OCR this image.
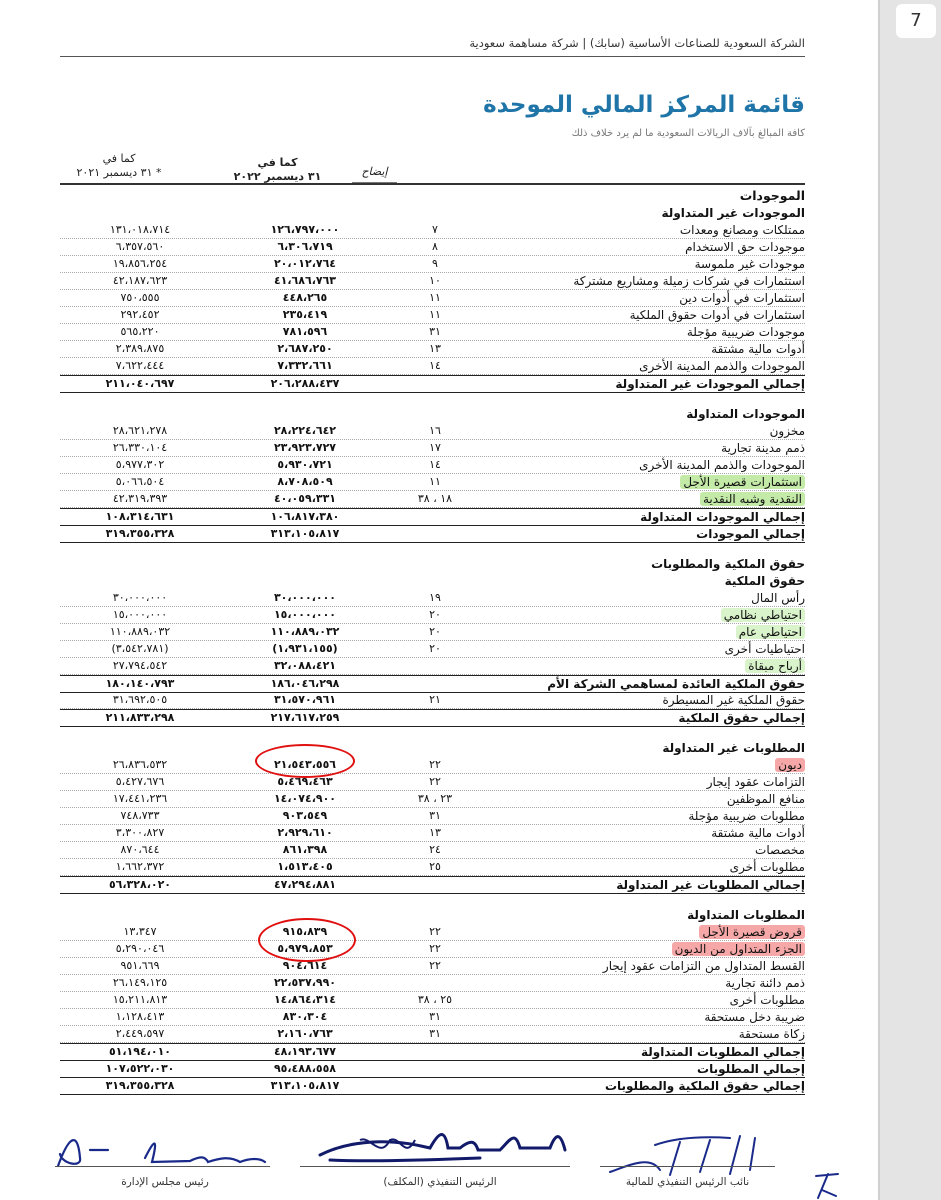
الشركة السعودية للصناعات الأساسية (سابك) | شركة مساهمة سعودية
قائمة المركز المالي الموحدة
كافة المبالغ بآلاف الريالات السعودية ما لم يرد خلاف ذلك
كما في
٣١ ديسمبر ٢٠٢٢
كما في
٣١ ديسمبر ٢٠٢١ *	إيضاح
الموجودات
الموجودات غير المتداولة
ممتلكات ومصانع ومعدات
٧
١٢٦،٧٩٧،٠٠٠
١٣١،٠١٨،٧١٤
موجودات حق الاستخدام
٨
٦،٣٠٦،٧١٩
٦،٣٥٧،٥٦٠
موجودات غير ملموسة
٩
٢٠،٠١٢،٧٦٤
١٩،٨٥٦،٢٥٤
استثمارات في شركات زميلة ومشاريع مشتركة
١٠
٤١،٦٨٦،٧٦٣
٤٢،١٨٧،٦٢٣
استثمارات في أدوات دين
١١
٤٤٨،٢٦٥
٧٥٠،٥٥٥
استثمارات في أدوات حقوق الملكية
١١
٢٣٥،٤١٩
٢٩٢،٤٥٢
موجودات ضريبية مؤجلة
٣١
٧٨١،٥٩٦
٥٦٥،٢٢٠
أدوات مالية مشتقة
١٣
٢،٦٨٧،٢٥٠
٢،٣٨٩،٨٧٥
الموجودات والذمم المدينة الأخرى
١٤
٧،٣٣٢،٦٦١
٧،٦٢٢،٤٤٤
إجمالي الموجودات غير المتداولة
٢٠٦،٢٨٨،٤٣٧
٢١١،٠٤٠،٦٩٧
الموجودات المتداولة
مخزون
١٦
٢٨،٢٢٤،٦٤٢
٢٨،٦٢١،٢٧٨
ذمم مدينة تجارية
١٧
٢٣،٩٢٣،٧٢٧
٢٦،٣٣٠،١٠٤
الموجودات والذمم المدينة الأخرى
١٤
٥،٩٣٠،٧٢١
٥،٩٧٧،٣٠٢
استثمارات قصيرة الأجل
١١
٨،٧٠٨،٥٠٩
٥،٠٦٦،٥٠٤
النقدية وشبه النقدية
١٨ ، ٣٨
٤٠،٠٥٩،٣٣١
٤٢،٣١٩،٣٩٣
إجمالي الموجودات المتداولة
١٠٦،٨١٧،٣٨٠
١٠٨،٣١٤،٦٣١
إجمالي الموجودات
٣١٣،١٠٥،٨١٧
٣١٩،٣٥٥،٣٢٨
حقوق الملكية والمطلوبات
حقوق الملكية
رأس المال
١٩
٣٠،٠٠٠،٠٠٠
٣٠،٠٠٠،٠٠٠
احتياطي نظامي
٢٠
١٥،٠٠٠،٠٠٠
١٥،٠٠٠،٠٠٠
احتياطي عام
٢٠
١١٠،٨٨٩،٠٣٢
١١٠،٨٨٩،٠٣٢
احتياطيات أخرى
٢٠
(١،٩٣١،١٥٥)
(٣،٥٤٢،٧٨١)
أرباح مبقاة
٣٢،٠٨٨،٤٢١
٢٧،٧٩٤،٥٤٢
حقوق الملكية العائدة لمساهمي الشركة الأم
١٨٦،٠٤٦،٢٩٨
١٨٠،١٤٠،٧٩٣
حقوق الملكية غير المسيطرة
٢١
٣١،٥٧٠،٩٦١
٣١،٦٩٢،٥٠٥
إجمالي حقوق الملكية
٢١٧،٦١٧،٢٥٩
٢١١،٨٣٣،٢٩٨
المطلوبات غير المتداولة
ديون
٢٢
٢١،٥٤٣،٥٥٦
٢٦،٨٣٦،٥٣٢
التزامات عقود إيجار
٢٢
٥،٤٦٩،٤٦٣
٥،٤٢٧،٦٧٦
منافع الموظفين
٢٣ ، ٣٨
١٤،٠٧٤،٩٠٠
١٧،٤٤١،٢٣٦
مطلوبات ضريبية مؤجلة
٣١
٩٠٣،٥٤٩
٧٤٨،٧٣٣
أدوات مالية مشتقة
١٣
٢،٩٢٩،٦١٠
٣،٣٠٠،٨٢٧
مخصصات
٢٤
٨٦١،٣٩٨
٨٧٠،٦٤٤
مطلوبات أخرى
٢٥
١،٥١٣،٤٠٥
١،٦٦٢،٣٧٢
إجمالي المطلوبات غير المتداولة
٤٧،٢٩٤،٨٨١
٥٦،٣٢٨،٠٢٠
المطلوبات المتداولة
قروض قصيرة الأجل
٢٢
٩١٥،٨٣٩
١٣،٣٤٧
الجزء المتداول من الديون
٢٢
٥،٩٧٩،٨٥٣
٥،٢٩٠،٠٤٦
القسط المتداول من التزامات عقود إيجار
٢٢
٩٠٤،٦١٤
٩٥١،٦٦٩
ذمم دائنة تجارية
٢٢،٥٣٧،٩٩٠
٢٦،١٤٩،١٢٥
مطلوبات أخرى
٢٥ ، ٣٨
١٤،٨٦٤،٣١٤
١٥،٢١١،٨١٣
ضريبة دخل مستحقة
٣١
٨٣٠،٣٠٤
١،١٢٨،٤١٣
زكاة مستحقة
٣١
٢،١٦٠،٧٦٣
٢،٤٤٩،٥٩٧
إجمالي المطلوبات المتداولة
٤٨،١٩٣،٦٧٧
٥١،١٩٤،٠١٠
إجمالي المطلوبات
٩٥،٤٨٨،٥٥٨
١٠٧،٥٢٢،٠٣٠
إجمالي حقوق الملكية والمطلوبات
٣١٣،١٠٥،٨١٧
٣١٩،٣٥٥،٣٢٨
نائب الرئيس التنفيذي للمالية
الرئيس التنفيذي (المكلف)
رئيس مجلس الإدارة
7
